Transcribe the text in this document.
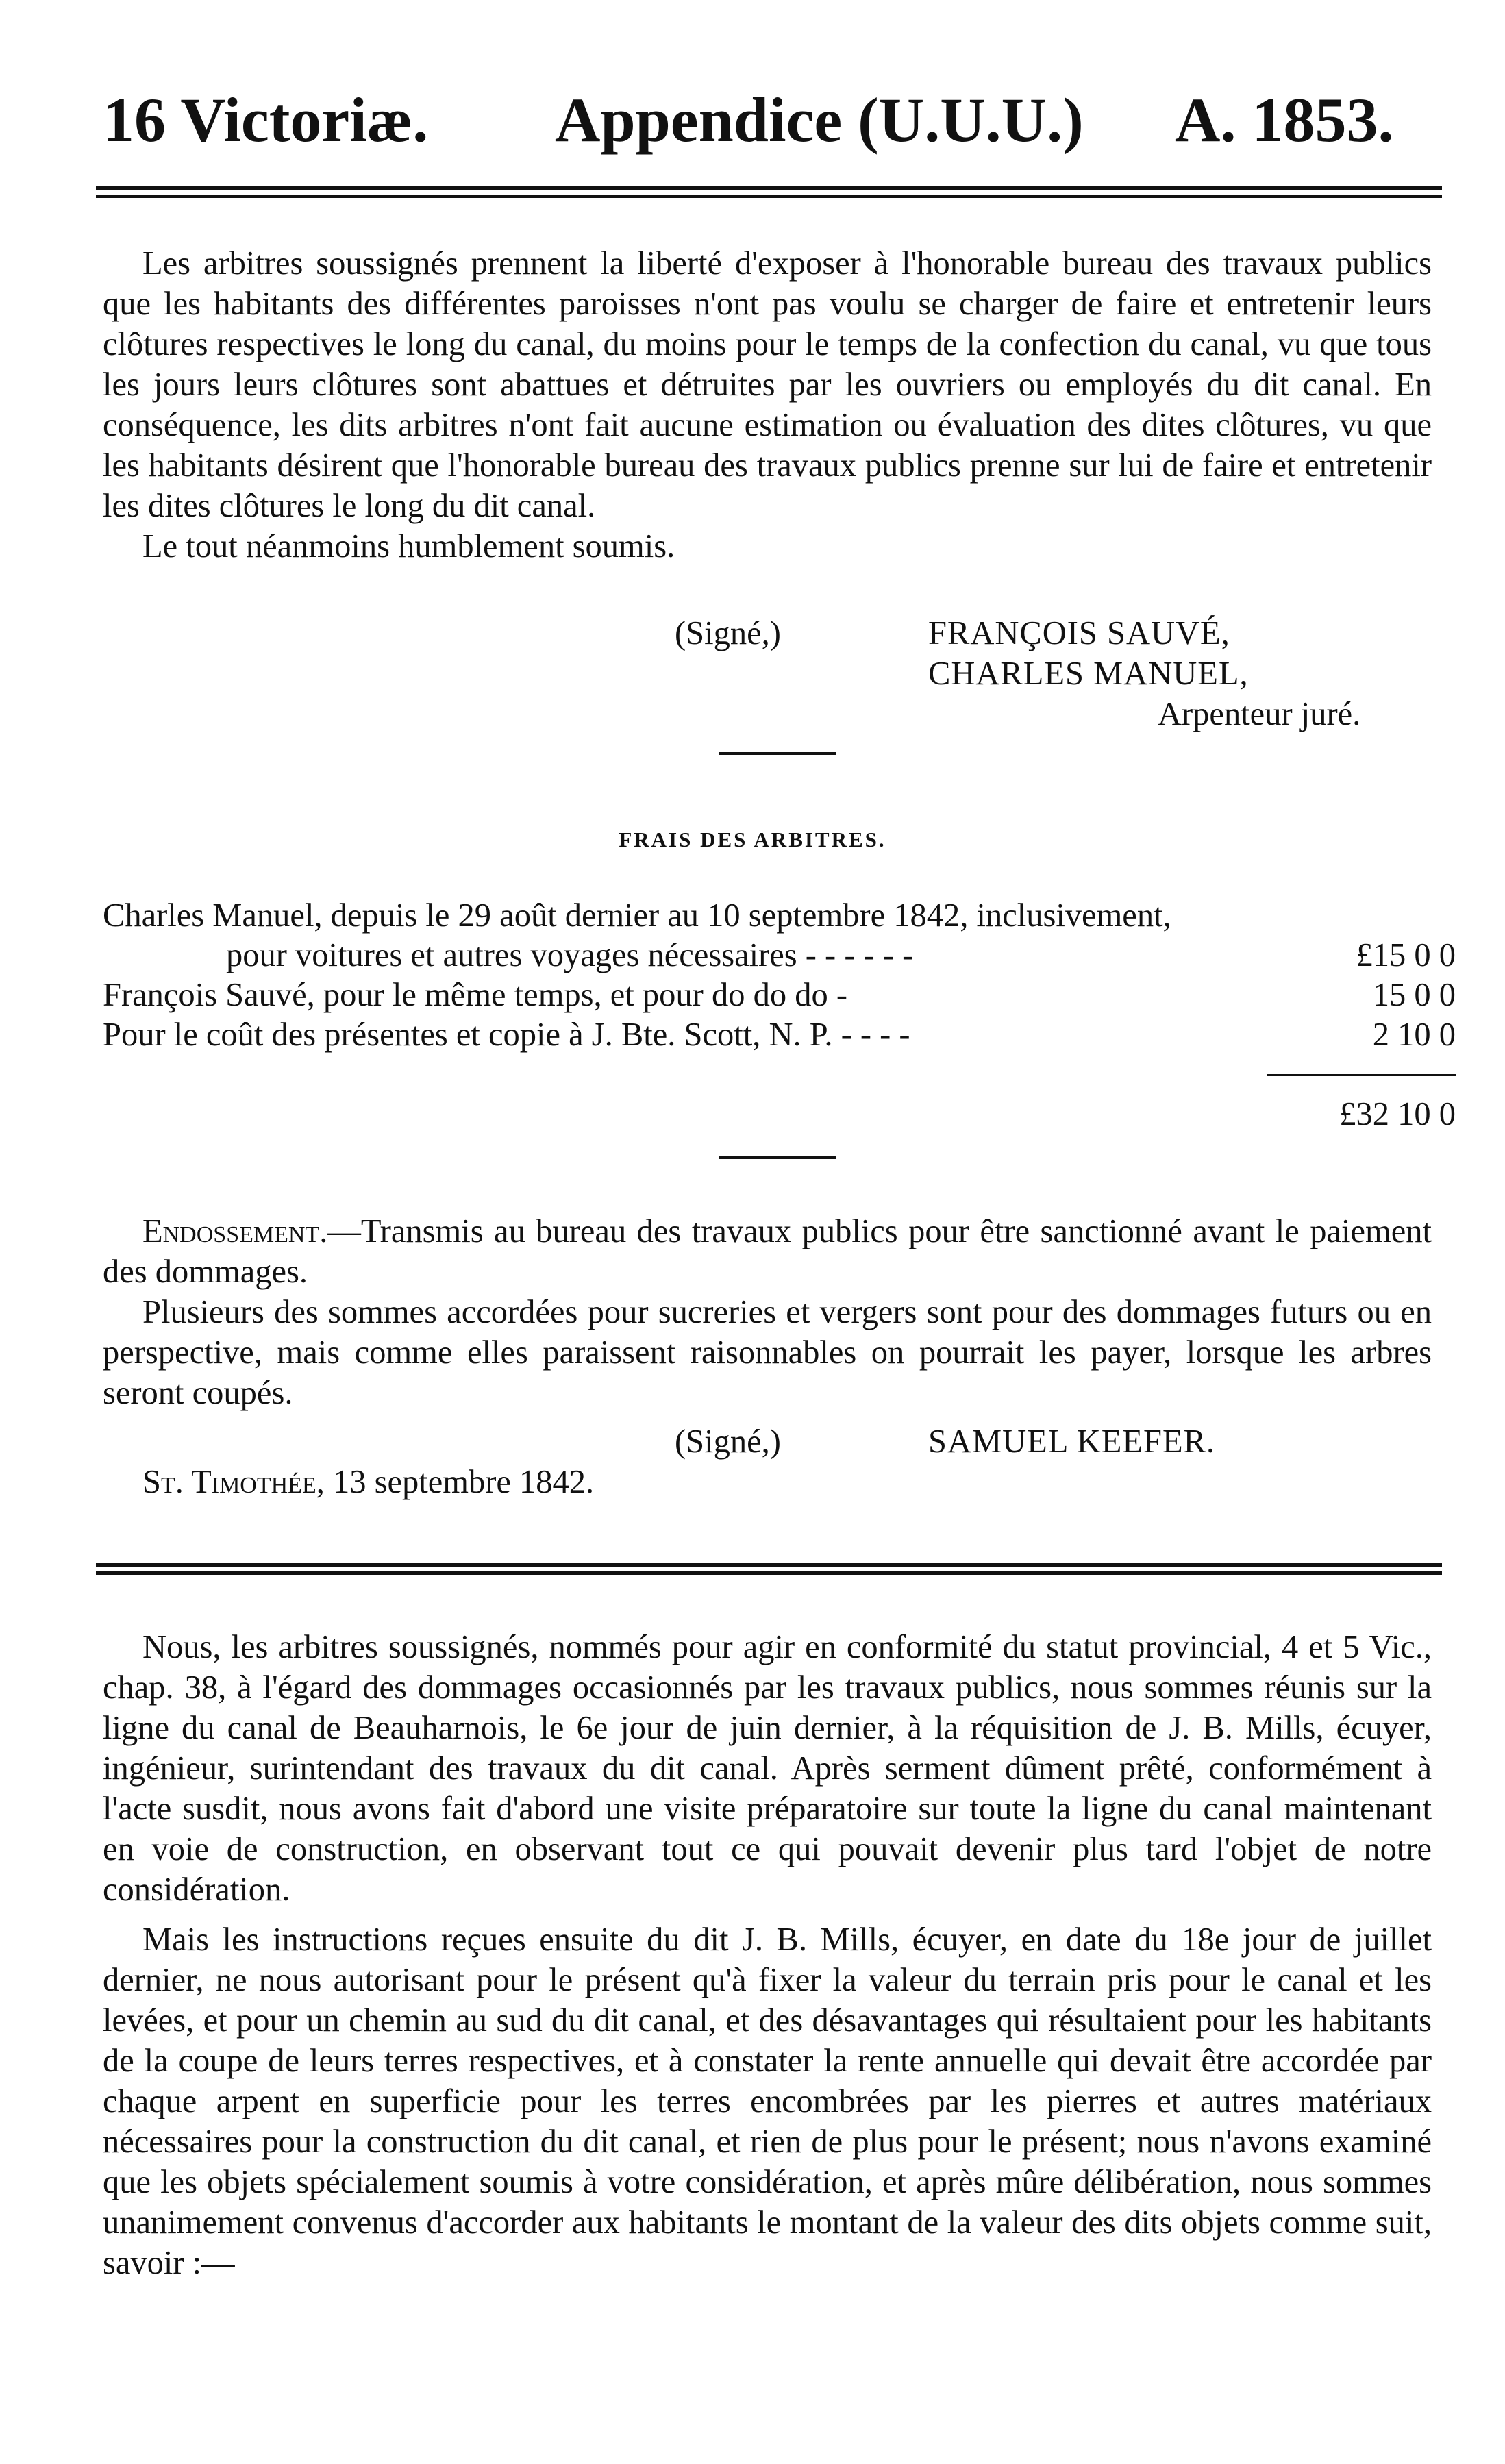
16 Victoriæ. Appendice (U.U.U.) A. 1853.

Les arbitres soussignés prennent la liberté d'exposer à l'honorable bureau des travaux publics que les habitants des différentes paroisses n'ont pas voulu se charger de faire et entretenir leurs clôtures respectives le long du canal, du moins pour le temps de la confection du canal, vu que tous les jours leurs clôtures sont abattues et détruites par les ouvriers ou employés du dit canal. En conséquence, les dits arbitres n'ont fait aucune estimation ou évaluation des dites clôtures, vu que les habitants désirent que l'honorable bureau des travaux publics prenne sur lui de faire et entretenir les dites clôtures le long du dit canal.

Le tout néanmoins humblement soumis.

(Signé,)	FRANÇOIS SAUVÉ,
CHARLES MANUEL,
Arpenteur juré.
FRAIS DES ARBITRES.
Charles Manuel, depuis le 29 août dernier au 10 septembre 1842, inclusivement,
pour voitures et autres voyages nécessaires - - - - - -	£15 0 0
François Sauvé, pour le même temps, et pour do do do -	15 0 0
Pour le coût des présentes et copie à J. Bte. Scott, N. P. - - - -	2 10 0
£32 10 0

Endossement.—Transmis au bureau des travaux publics pour être sanctionné avant le paiement des dommages.

Plusieurs des sommes accordées pour sucreries et vergers sont pour des dommages futurs ou en perspective, mais comme elles paraissent raisonnables on pourrait les payer, lorsque les arbres seront coupés.

(Signé,)	SAMUEL KEEFER.
St. Timothée, 13 septembre 1842.

Nous, les arbitres soussignés, nommés pour agir en conformité du statut provincial, 4 et 5 Vic., chap. 38, à l'égard des dommages occasionnés par les travaux publics, nous sommes réunis sur la ligne du canal de Beauharnois, le 6e jour de juin dernier, à la réquisition de J. B. Mills, écuyer, ingénieur, surintendant des travaux du dit canal. Après serment dûment prêté, conformément à l'acte susdit, nous avons fait d'abord une visite préparatoire sur toute la ligne du canal maintenant en voie de construction, en observant tout ce qui pouvait devenir plus tard l'objet de notre considération.

Mais les instructions reçues ensuite du dit J. B. Mills, écuyer, en date du 18e jour de juillet dernier, ne nous autorisant pour le présent qu'à fixer la valeur du terrain pris pour le canal et les levées, et pour un chemin au sud du dit canal, et des désavantages qui résultaient pour les habitants de la coupe de leurs terres respectives, et à constater la rente annuelle qui devait être accordée par chaque arpent en superficie pour les terres encombrées par les pierres et autres matériaux nécessaires pour la construction du dit canal, et rien de plus pour le présent; nous n'avons examiné que les objets spécialement soumis à votre considération, et après mûre délibération, nous sommes unanimement convenus d'accorder aux habitants le montant de la valeur des dits objets comme suit, savoir :—
